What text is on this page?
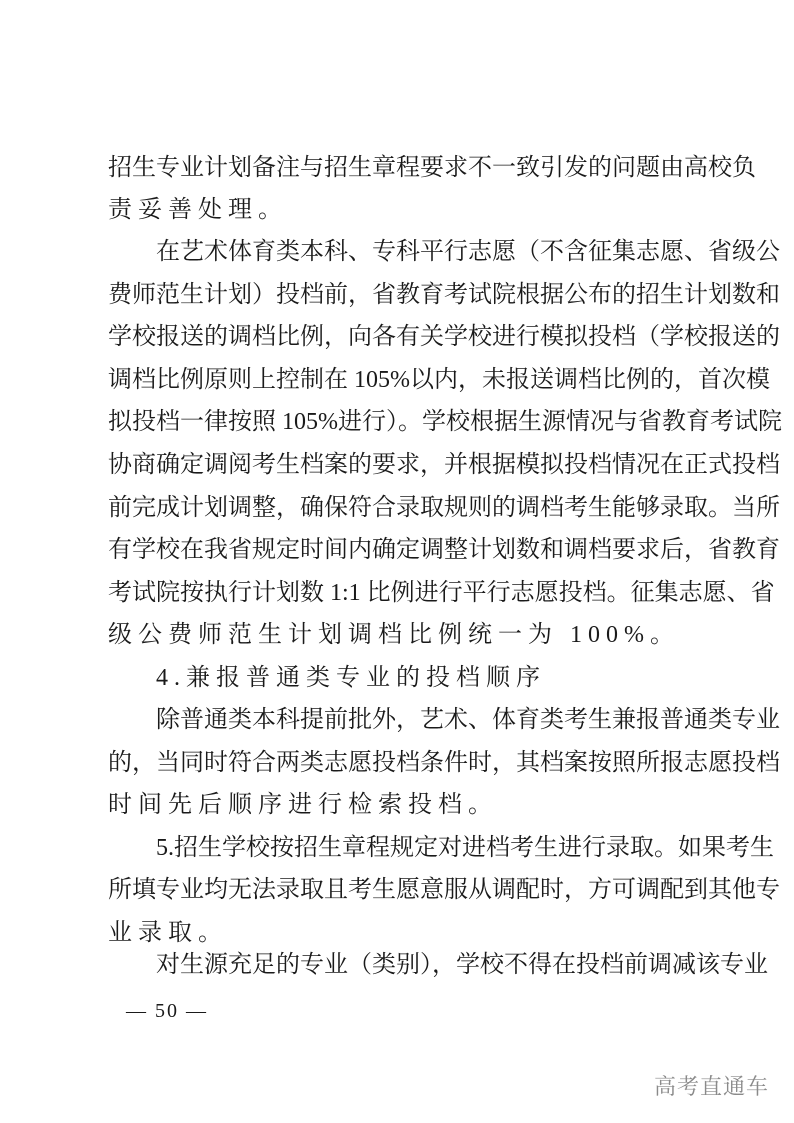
招生专业计划备注与招生章程要求不一致引发的问题由高校负
责妥善处理。
在艺术体育类本科、专科平行志愿（不含征集志愿、省级公
费师范生计划）投档前，省教育考试院根据公布的招生计划数和
学校报送的调档比例，向各有关学校进行模拟投档（学校报送的
调档比例原则上控制在 105%以内，未报送调档比例的，首次模
拟投档一律按照 105%进行）。学校根据生源情况与省教育考试院
协商确定调阅考生档案的要求，并根据模拟投档情况在正式投档
前完成计划调整，确保符合录取规则的调档考生能够录取。当所
有学校在我省规定时间内确定调整计划数和调档要求后，省教育
考试院按执行计划数 1:1 比例进行平行志愿投档。征集志愿、省
级公费师范生计划调档比例统一为 100%。
4.兼报普通类专业的投档顺序
除普通类本科提前批外，艺术、体育类考生兼报普通类专业
的，当同时符合两类志愿投档条件时，其档案按照所报志愿投档
时间先后顺序进行检索投档。
5.招生学校按招生章程规定对进档考生进行录取。如果考生
所填专业均无法录取且考生愿意服从调配时，方可调配到其他专
业录取。
对生源充足的专业（类别），学校不得在投档前调减该专业
— 50 —
高考直通车
